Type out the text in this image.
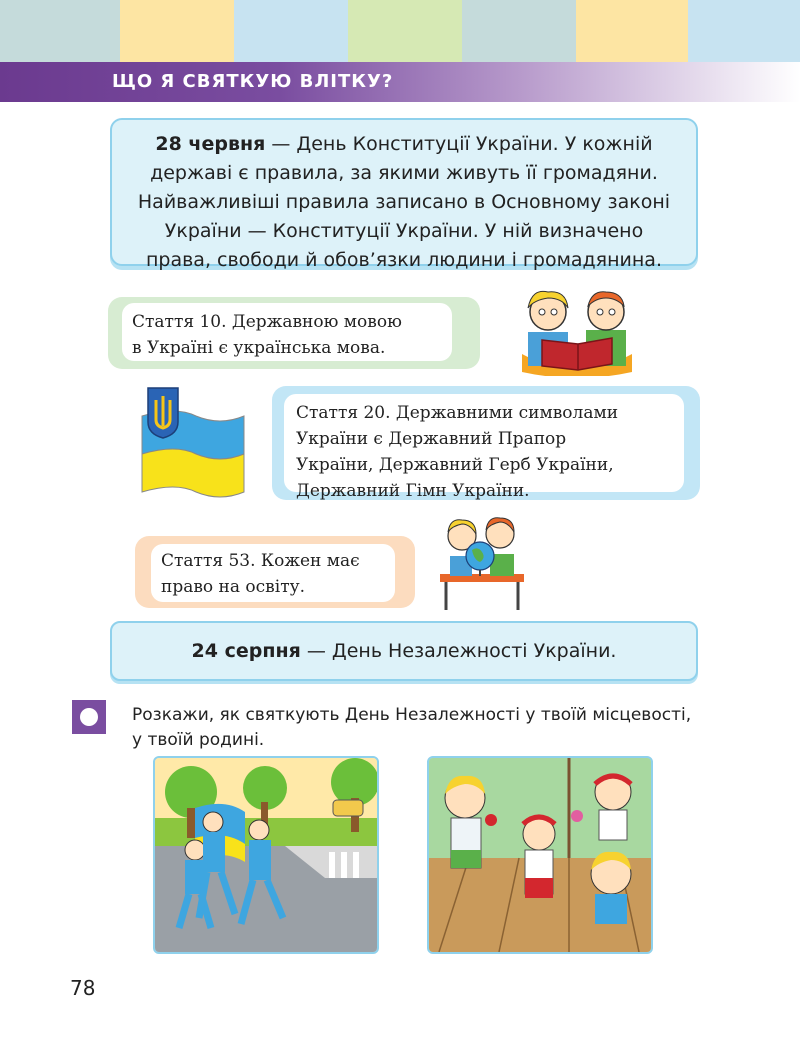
ЩО Я СВЯТКУЮ ВЛІТКУ?
28 червня — День Конституції України. У кожній
державі є правила, за якими живуть її громадяни.
Найважливіші правила записано в Основному законі
України — Конституції України. У ній визначено
права, свободи й обов’язки людини і громадянина.
Стаття 10. Державною мовою
в Україні є українська мова.
Стаття 20. Державними символами
України є Державний Прапор
України, Державний Герб України,
Державний Гімн України.
Стаття 53. Кожен має
право на освіту.
24 серпня — День Незалежності України.
Розкажи, як святкують День Незалежності у твоїй місцевості,
у твоїй родині.
78
